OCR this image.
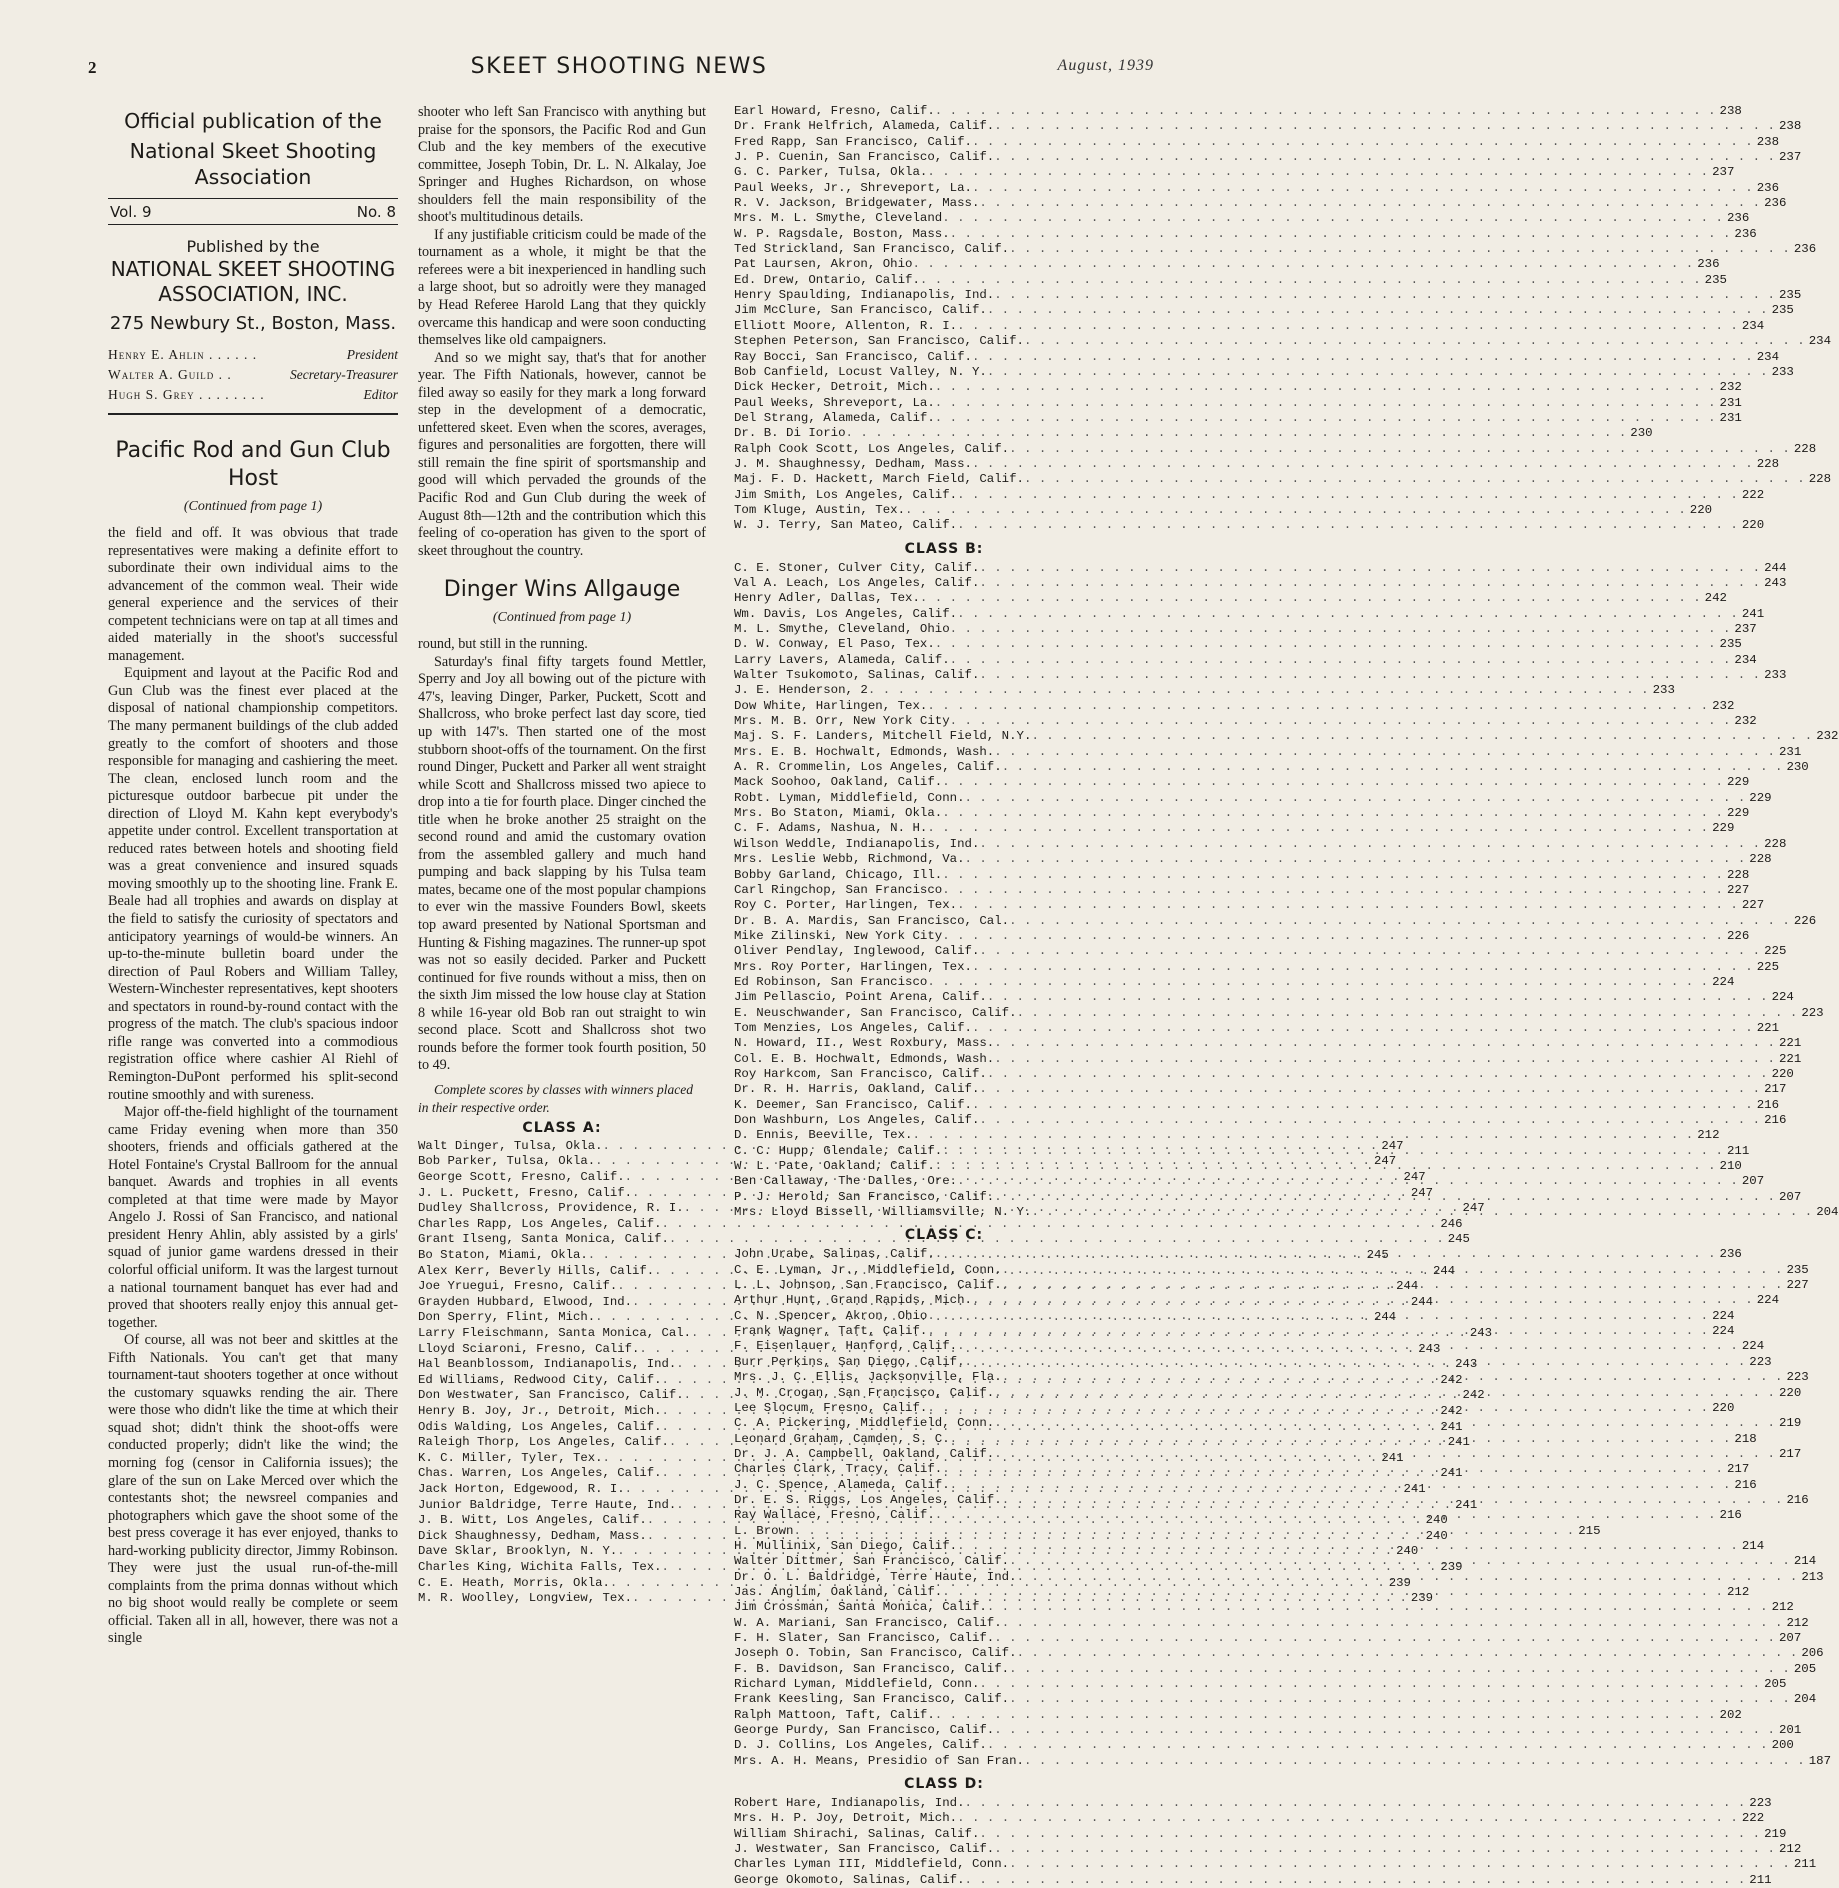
2	SKEET SHOOTING NEWS	August, 1939
Official publication of the
National Skeet Shooting Association
Vol. 9	No. 8
Published by the
NATIONAL SKEET SHOOTING
ASSOCIATION, INC.
275 Newbury St., Boston, Mass.
Henry E. Ahlin . . . . . .	President
Walter A. Guild . .	Secretary-Treasurer
Hugh S. Grey . . . . . . . .	Editor
Pacific Rod and Gun Club Host
(Continued from page 1)

the field and off. It was obvious that trade representatives were making a definite effort to subordinate their own individual aims to the advancement of the common weal. Their wide general experience and the services of their competent technicians were on tap at all times and aided materially in the shoot's successful management.

Equipment and layout at the Pacific Rod and Gun Club was the finest ever placed at the disposal of national championship competitors. The many permanent buildings of the club added greatly to the comfort of shooters and those responsible for managing and cashiering the meet. The clean, enclosed lunch room and the picturesque outdoor barbecue pit under the direction of Lloyd M. Kahn kept everybody's appetite under control. Excellent transportation at reduced rates between hotels and shooting field was a great convenience and insured squads moving smoothly up to the shooting line. Frank E. Beale had all trophies and awards on display at the field to satisfy the curiosity of spectators and anticipatory yearnings of would-be winners. An up-to-the-minute bulletin board under the direction of Paul Robers and William Talley, Western-Winchester representatives, kept shooters and spectators in round-by-round contact with the progress of the match. The club's spacious indoor rifle range was converted into a commodious registration office where cashier Al Riehl of Remington-DuPont performed his split-second routine smoothly and with sureness.

Major off-the-field highlight of the tournament came Friday evening when more than 350 shooters, friends and officials gathered at the Hotel Fontaine's Crystal Ballroom for the annual banquet. Awards and trophies in all events completed at that time were made by Mayor Angelo J. Rossi of San Francisco, and national president Henry Ahlin, ably assisted by a girls' squad of junior game wardens dressed in their colorful official uniform. It was the largest turnout a national tournament banquet has ever had and proved that shooters really enjoy this annual get-together.

Of course, all was not beer and skittles at the Fifth Nationals. You can't get that many tournament-taut shooters together at once without the customary squawks rending the air. There were those who didn't like the time at which their squad shot; didn't think the shoot-offs were conducted properly; didn't like the wind; the morning fog (censor in California issues); the glare of the sun on Lake Merced over which the contestants shot; the newsreel companies and photographers which gave the shoot some of the best press coverage it has ever enjoyed, thanks to hard-working publicity director, Jimmy Robinson. They were just the usual run-of-the-mill complaints from the prima donnas without which no big shoot would really be complete or seem official. Taken all in all, however, there was not a single

shooter who left San Francisco with anything but praise for the sponsors, the Pacific Rod and Gun Club and the key members of the executive committee, Joseph Tobin, Dr. L. N. Alkalay, Joe Springer and Hughes Richardson, on whose shoulders fell the main responsibility of the shoot's multitudinous details.

If any justifiable criticism could be made of the tournament as a whole, it might be that the referees were a bit inexperienced in handling such a large shoot, but so adroitly were they managed by Head Referee Harold Lang that they quickly overcame this handicap and were soon conducting themselves like old campaigners.

And so we might say, that's that for another year. The Fifth Nationals, however, cannot be filed away so easily for they mark a long forward step in the development of a democratic, unfettered skeet. Even when the scores, averages, figures and personalities are forgotten, there will still remain the fine spirit of sportsmanship and good will which pervaded the grounds of the Pacific Rod and Gun Club during the week of August 8th—12th and the contribution which this feeling of co-operation has given to the sport of skeet throughout the country.

Dinger Wins Allgauge
(Continued from page 1)

round, but still in the running.

Saturday's final fifty targets found Mettler, Sperry and Joy all bowing out of the picture with 47's, leaving Dinger, Parker, Puckett, Scott and Shallcross, who broke perfect last day score, tied up with 147's. Then started one of the most stubborn shoot-offs of the tournament. On the first round Dinger, Puckett and Parker all went straight while Scott and Shallcross missed two apiece to drop into a tie for fourth place. Dinger cinched the title when he broke another 25 straight on the second round and amid the customary ovation from the assembled gallery and much hand pumping and back slapping by his Tulsa team mates, became one of the most popular champions to ever win the massive Founders Bowl, skeets top award presented by National Sportsman and Hunting & Fishing magazines. The runner-up spot was not so easily decided. Parker and Puckett continued for five rounds without a miss, then on the sixth Jim missed the low house clay at Station 8 while 16-year old Bob ran out straight to win second place. Scott and Shallcross shot two rounds before the former took fourth position, 50 to 49.

Complete scores by classes with winners placed in their respective order.
CLASS A:
Walt Dinger, Tulsa, Okla. . . .	247
Bob Parker, Tulsa, Okla. . . .	247
George Scott, Fresno, Calif. . . .	247
J. L. Puckett, Fresno, Calif. . . .	247
Dudley Shallcross, Providence, R. I. . . .	247
Charles Rapp, Los Angeles, Calif. . . .	246
Grant Ilseng, Santa Monica, Calif. . . .	245
Bo Staton, Miami, Okla. . . .	245
Alex Kerr, Beverly Hills, Calif. . . .	244
Joe Yruegui, Fresno, Calif. . . .	244
Grayden Hubbard, Elwood, Ind. . . .	244
Don Sperry, Flint, Mich. . . .	244
Larry Fleischmann, Santa Monica, Cal. . . .	243
Lloyd Sciaroni, Fresno, Calif. . . .	243
Hal Beanblossom, Indianapolis, Ind. . . .	243
Ed Williams, Redwood City, Calif. . . .	242
Don Westwater, San Francisco, Calif. . . .	242
Henry B. Joy, Jr., Detroit, Mich. . . .	242
Odis Walding, Los Angeles, Calif. . . .	241
Raleigh Thorp, Los Angeles, Calif. . . .	241
K. C. Miller, Tyler, Tex. . . .	241
Chas. Warren, Los Angeles, Calif. . . .	241
Jack Horton, Edgewood, R. I. . . .	241
Junior Baldridge, Terre Haute, Ind. . . .	241
J. B. Witt, Los Angeles, Calif. . . .	240
Dick Shaughnessy, Dedham, Mass. . . .	240
Dave Sklar, Brooklyn, N. Y. . . .	240
Charles King, Wichita Falls, Tex. . . .	239
C. E. Heath, Morris, Okla. . . .	239
M. R. Woolley, Longview, Tex. . . .	239
Earl Howard, Fresno, Calif. . . .	238
Dr. Frank Helfrich, Alameda, Calif. . . .	238
Fred Rapp, San Francisco, Calif. . . .	238
J. P. Cuenin, San Francisco, Calif. . . .	237
G. C. Parker, Tulsa, Okla. . . .	237
Paul Weeks, Jr., Shreveport, La. . . .	236
R. V. Jackson, Bridgewater, Mass. . . .	236
Mrs. M. L. Smythe, Cleveland . . .	236
W. P. Ragsdale, Boston, Mass. . . .	236
Ted Strickland, San Francisco, Calif. . . .	236
Pat Laursen, Akron, Ohio . . .	236
Ed. Drew, Ontario, Calif. . . .	235
Henry Spaulding, Indianapolis, Ind. . . .	235
Jim McClure, San Francisco, Calif. . . .	235
Elliott Moore, Allenton, R. I. . . .	234
Stephen Peterson, San Francisco, Calif. . . .	234
Ray Bocci, San Francisco, Calif. . . .	234
Bob Canfield, Locust Valley, N. Y. . . .	233
Dick Hecker, Detroit, Mich. . . .	232
Paul Weeks, Shreveport, La. . . .	231
Del Strang, Alameda, Calif. . . .	231
Dr. B. Di Iorio . . .	230
Ralph Cook Scott, Los Angeles, Calif. . . .	228
J. M. Shaughnessy, Dedham, Mass. . . .	228
Maj. F. D. Hackett, March Field, Calif. . . .	228
Jim Smith, Los Angeles, Calif. . . .	222
Tom Kluge, Austin, Tex. . . .	220
W. J. Terry, San Mateo, Calif. . . .	220
CLASS B:
C. E. Stoner, Culver City, Calif. . . .	244
Val A. Leach, Los Angeles, Calif. . . .	243
Henry Adler, Dallas, Tex. . . .	242
Wm. Davis, Los Angeles, Calif. . . .	241
M. L. Smythe, Cleveland, Ohio . . .	237
D. W. Conway, El Paso, Tex. . . .	235
Larry Lavers, Alameda, Calif. . . .	234
Walter Tsukomoto, Salinas, Calif. . . .	233
J. E. Henderson, 2 . . .	233
Dow White, Harlingen, Tex. . . .	232
Mrs. M. B. Orr, New York City . . .	232
Maj. S. F. Landers, Mitchell Field, N.Y. . . .	232
Mrs. E. B. Hochwalt, Edmonds, Wash. . . .	231
A. R. Crommelin, Los Angeles, Calif. . . .	230
Mack Soohoo, Oakland, Calif. . . .	229
Robt. Lyman, Middlefield, Conn. . . .	229
Mrs. Bo Staton, Miami, Okla. . . .	229
C. F. Adams, Nashua, N. H. . . .	229
Wilson Weddle, Indianapolis, Ind. . . .	228
Mrs. Leslie Webb, Richmond, Va. . . .	228
Bobby Garland, Chicago, Ill. . . .	228
Carl Ringchop, San Francisco . . .	227
Roy C. Porter, Harlingen, Tex. . . .	227
Dr. B. A. Mardis, San Francisco, Cal. . . .	226
Mike Zilinski, New York City . . .	226
Oliver Pendlay, Inglewood, Calif. . . .	225
Mrs. Roy Porter, Harlingen, Tex. . . .	225
Ed Robinson, San Francisco . . .	224
Jim Pellascio, Point Arena, Calif. . . .	224
E. Neuschwander, San Francisco, Calif. . . .	223
Tom Menzies, Los Angeles, Calif. . . .	221
N. Howard, II., West Roxbury, Mass. . . .	221
Col. E. B. Hochwalt, Edmonds, Wash. . . .	221
Roy Harkcom, San Francisco, Calif. . . .	220
Dr. R. H. Harris, Oakland, Calif. . . .	217
K. Deemer, San Francisco, Calif. . . .	216
Don Washburn, Los Angeles, Calif. . . .	216
D. Ennis, Beeville, Tex. . . .	212
C. C. Hupp, Glendale, Calif. . . .	211
W. L. Pate, Oakland, Calif. . . .	210
Ben Callaway, The Dalles, Ore. . . .	207
P. J. Herold, San Francisco, Calif. . . .	207
Mrs. Lloyd Bissell, Williamsville, N. Y. . . .	204
CLASS C:
John Urabe, Salinas, Calif. . . .	236
C. E. Lyman, Jr., Middlefield, Conn. . . .	235
L. L. Johnson, San Francisco, Calif. . . .	227
Arthur Hunt, Grand Rapids, Mich. . . .	224
C. N. Spencer, Akron, Ohio . . .	224
Frank Wagner, Taft, Calif. . . .	224
F. Eisenlauer, Hanford, Calif. . . .	224
Burr Perkins, San Diego, Calif. . . .	223
Mrs. J. C. Ellis, Jacksonville, Fla. . . .	223
J. M. Crogan, San Francisco, Calif. . . .	220
Lee Slocum, Fresno, Calif. . . .	220
C. A. Pickering, Middlefield, Conn. . . .	219
Leonard Graham, Camden, S. C. . . .	218
Dr. J. A. Campbell, Oakland, Calif. . . .	217
Charles Clark, Tracy, Calif. . . .	217
J. C. Spence, Alameda, Calif. . . .	216
Dr. E. S. Riggs, Los Angeles, Calif. . . .	216
Ray Wallace, Fresno, Calif. . . .	216
L. Brown . . .	215
H. Mullinix, San Diego, Calif. . . .	214
Walter Dittmer, San Francisco, Calif. . . .	214
Dr. O. L. Baldridge, Terre Haute, Ind. . . .	213
Jas. Anglim, Oakland, Calif. . . .	212
Jim Crossman, Santa Monica, Calif. . . .	212
W. A. Mariani, San Francisco, Calif. . . .	212
F. H. Slater, San Francisco, Calif. . . .	207
Joseph O. Tobin, San Francisco, Calif. . . .	206
F. B. Davidson, San Francisco, Calif. . . .	205
Richard Lyman, Middlefield, Conn. . . .	205
Frank Keesling, San Francisco, Calif. . . .	204
Ralph Mattoon, Taft, Calif. . . .	202
George Purdy, San Francisco, Calif. . . .	201
D. J. Collins, Los Angeles, Calif. . . .	200
Mrs. A. H. Means, Presidio of San Fran. . . .	187
CLASS D:
Robert Hare, Indianapolis, Ind. . . .	223
Mrs. H. P. Joy, Detroit, Mich. . . .	222
William Shirachi, Salinas, Calif. . . .	219
J. Westwater, San Francisco, Calif. . . .	212
Charles Lyman III, Middlefield, Conn. . . .	211
George Okomoto, Salinas, Calif. . . .	211
